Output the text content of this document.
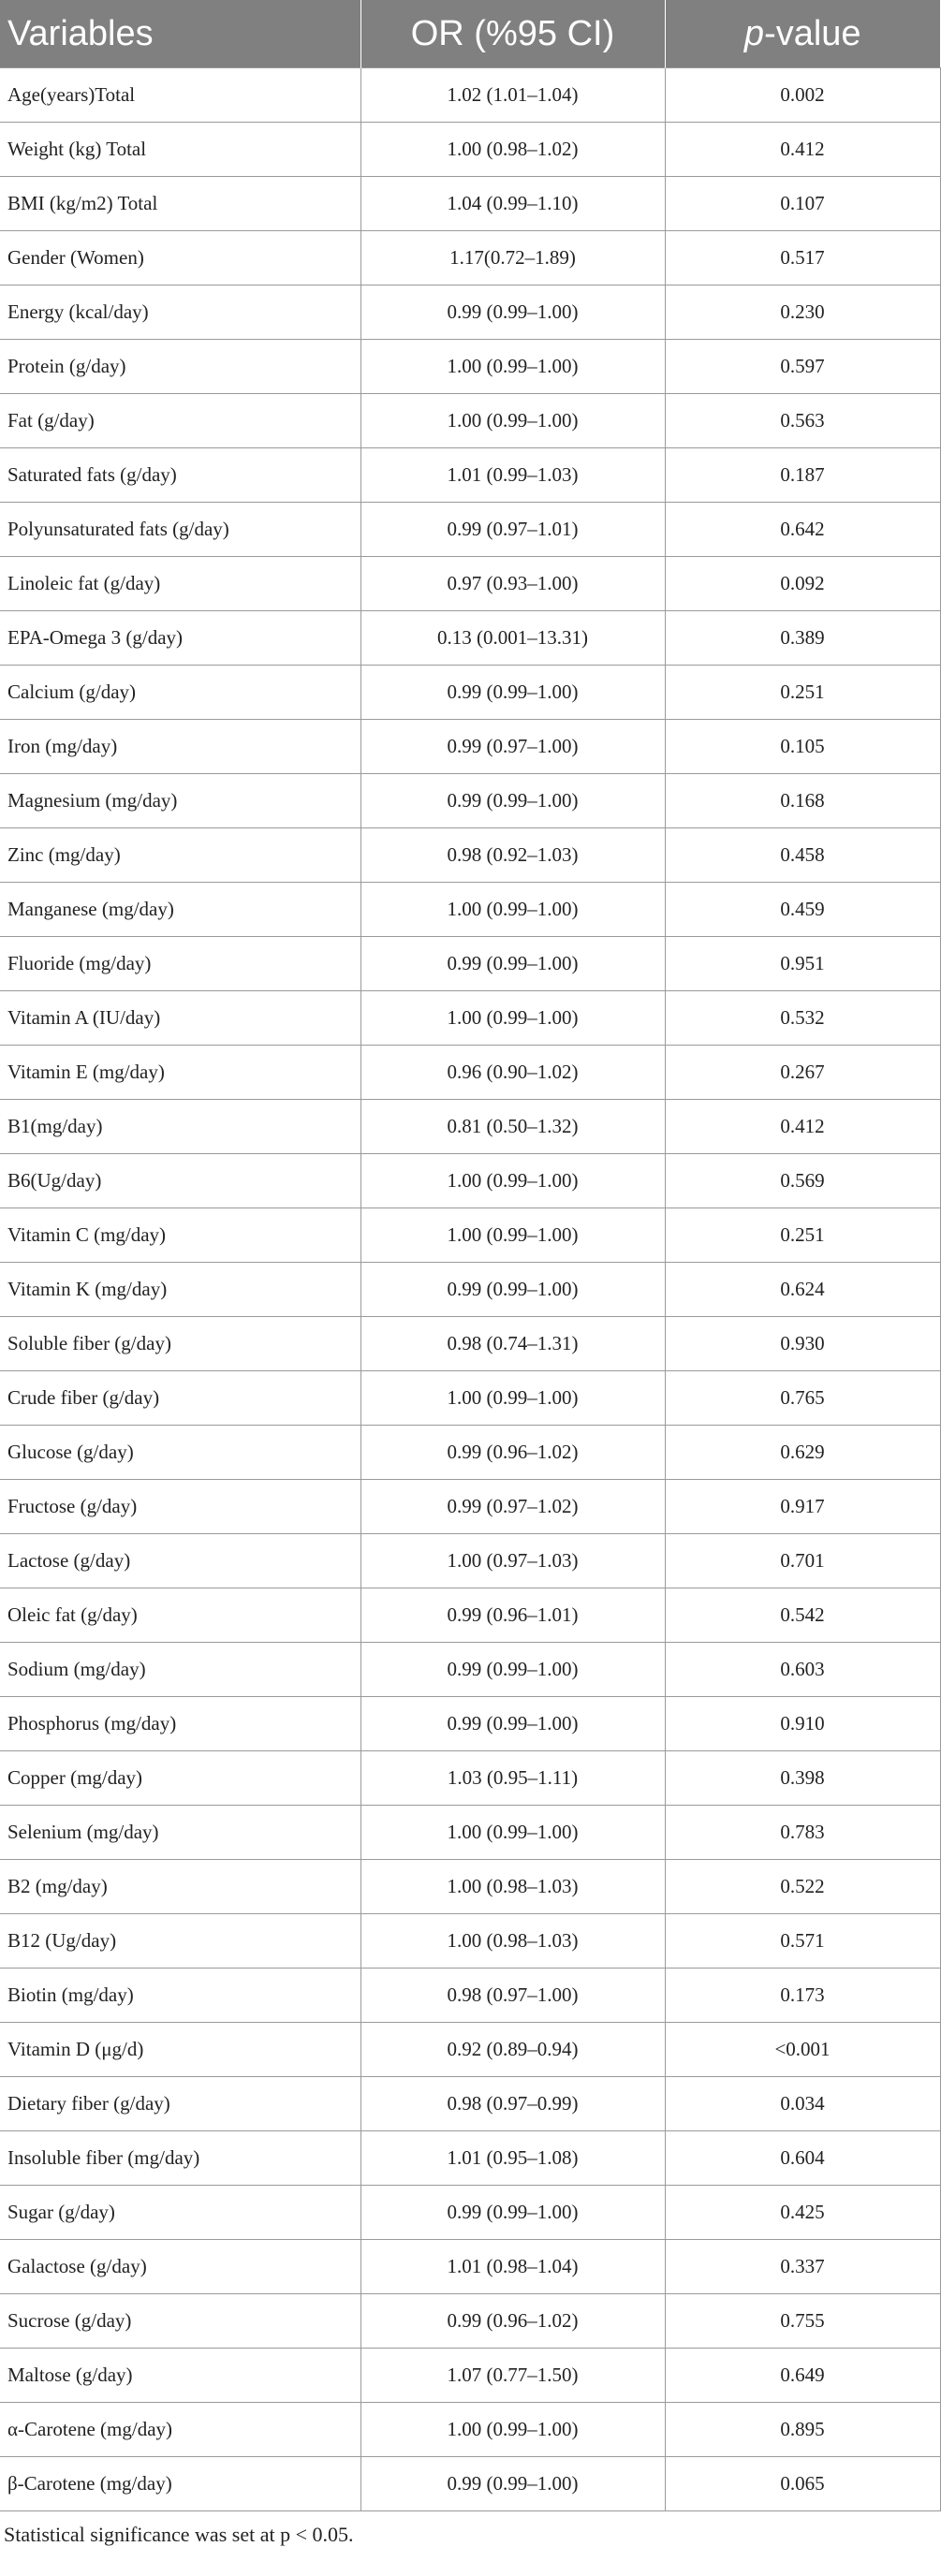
Variables	OR (%95 CI)	p-value
Age(years)Total	1.02 (1.01–1.04)	0.002
Weight (kg) Total	1.00 (0.98–1.02)	0.412
BMI (kg/m2) Total	1.04 (0.99–1.10)	0.107
Gender (Women)	1.17(0.72–1.89)	0.517
Energy (kcal/day)	0.99 (0.99–1.00)	0.230
Protein (g/day)	1.00 (0.99–1.00)	0.597
Fat (g/day)	1.00 (0.99–1.00)	0.563
Saturated fats (g/day)	1.01 (0.99–1.03)	0.187
Polyunsaturated fats (g/day)	0.99 (0.97–1.01)	0.642
Linoleic fat (g/day)	0.97 (0.93–1.00)	0.092
EPA-Omega 3 (g/day)	0.13 (0.001–13.31)	0.389
Calcium (g/day)	0.99 (0.99–1.00)	0.251
Iron (mg/day)	0.99 (0.97–1.00)	0.105
Magnesium (mg/day)	0.99 (0.99–1.00)	0.168
Zinc (mg/day)	0.98 (0.92–1.03)	0.458
Manganese (mg/day)	1.00 (0.99–1.00)	0.459
Fluoride (mg/day)	0.99 (0.99–1.00)	0.951
Vitamin A (IU/day)	1.00 (0.99–1.00)	0.532
Vitamin E (mg/day)	0.96 (0.90–1.02)	0.267
B1(mg/day)	0.81 (0.50–1.32)	0.412
B6(Ug/day)	1.00 (0.99–1.00)	0.569
Vitamin C (mg/day)	1.00 (0.99–1.00)	0.251
Vitamin K (mg/day)	0.99 (0.99–1.00)	0.624
Soluble fiber (g/day)	0.98 (0.74–1.31)	0.930
Crude fiber (g/day)	1.00 (0.99–1.00)	0.765
Glucose (g/day)	0.99 (0.96–1.02)	0.629
Fructose (g/day)	0.99 (0.97–1.02)	0.917
Lactose (g/day)	1.00 (0.97–1.03)	0.701
Oleic fat (g/day)	0.99 (0.96–1.01)	0.542
Sodium (mg/day)	0.99 (0.99–1.00)	0.603
Phosphorus (mg/day)	0.99 (0.99–1.00)	0.910
Copper (mg/day)	1.03 (0.95–1.11)	0.398
Selenium (mg/day)	1.00 (0.99–1.00)	0.783
B2 (mg/day)	1.00 (0.98–1.03)	0.522
B12 (Ug/day)	1.00 (0.98–1.03)	0.571
Biotin (mg/day)	0.98 (0.97–1.00)	0.173
Vitamin D (μg/d)	0.92 (0.89–0.94)	<0.001
Dietary fiber (g/day)	0.98 (0.97–0.99)	0.034
Insoluble fiber (mg/day)	1.01 (0.95–1.08)	0.604
Sugar (g/day)	0.99 (0.99–1.00)	0.425
Galactose (g/day)	1.01 (0.98–1.04)	0.337
Sucrose (g/day)	0.99 (0.96–1.02)	0.755
Maltose (g/day)	1.07 (0.77–1.50)	0.649
α-Carotene (mg/day)	1.00 (0.99–1.00)	0.895
β-Carotene (mg/day)	0.99 (0.99–1.00)	0.065
Statistical significance was set at p < 0.05.
